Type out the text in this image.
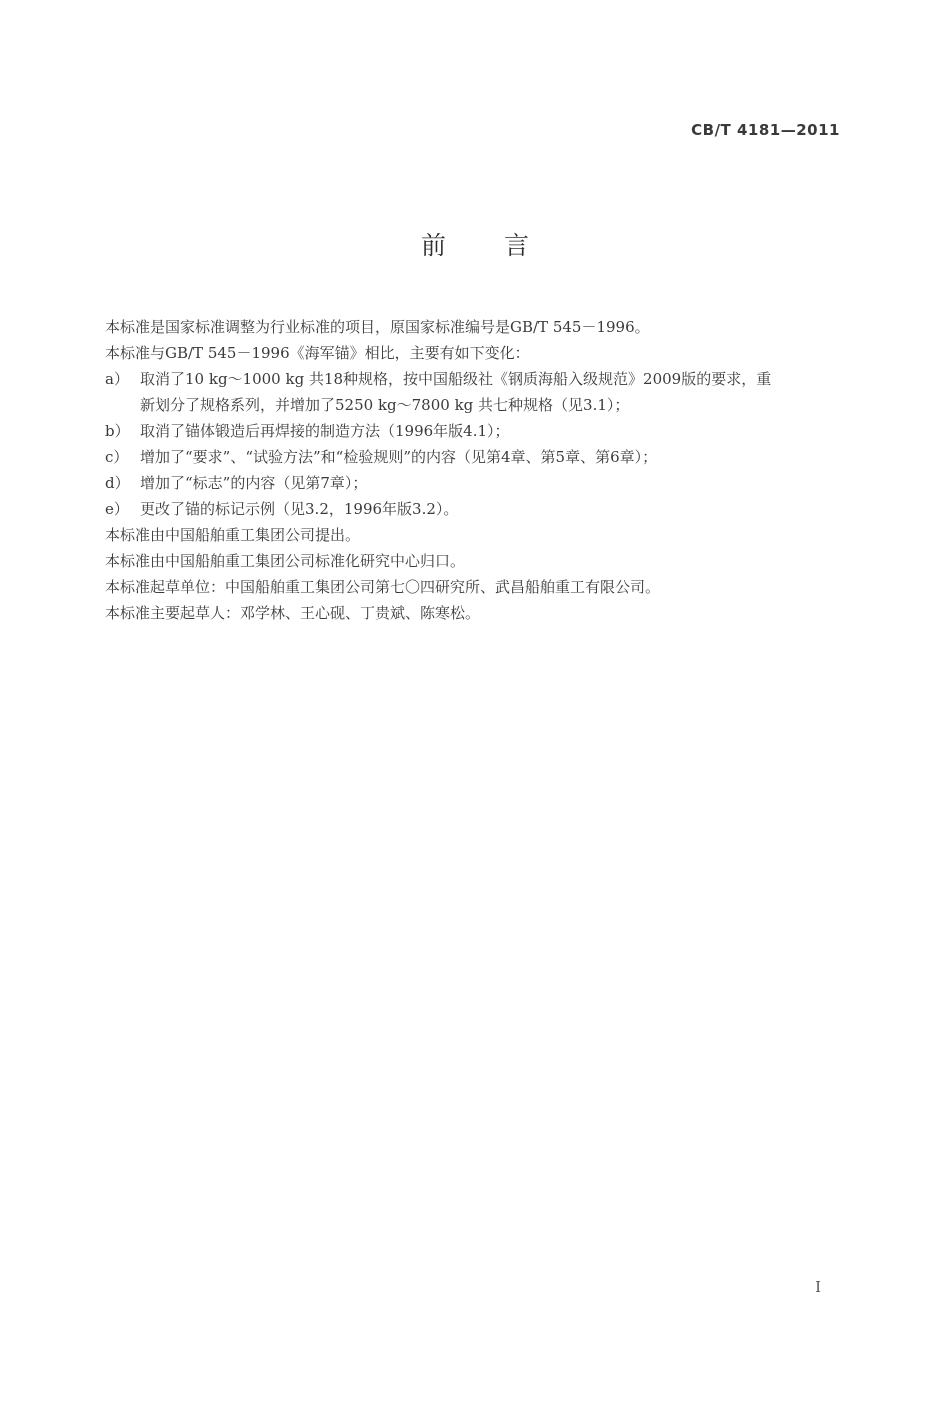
CB/T 4181—2011
前言

本标准是国家标准调整为行业标准的项目，原国家标准编号是GB/T 545－1996。

本标准与GB/T 545－1996《海军锚》相比，主要有如下变化：

a） 取消了10 kg～1000 kg 共18种规格，按中国船级社《钢质海船入级规范》2009版的要求，重
新划分了规格系列，并增加了5250 kg～7800 kg 共七种规格（见3.1）；
b） 取消了锚体锻造后再焊接的制造方法（1996年版4.1）；
c） 增加了“要求”、“试验方法”和“检验规则”的内容（见第4章、第5章、第6章）；
d） 增加了“标志”的内容（见第7章）；
e） 更改了锚的标记示例（见3.2，1996年版3.2）。

本标准由中国船舶重工集团公司提出。

本标准由中国船舶重工集团公司标准化研究中心归口。

本标准起草单位：中国船舶重工集团公司第七〇四研究所、武昌船舶重工有限公司。

本标准主要起草人：邓学林、王心砚、丁贵斌、陈寒松。

I
